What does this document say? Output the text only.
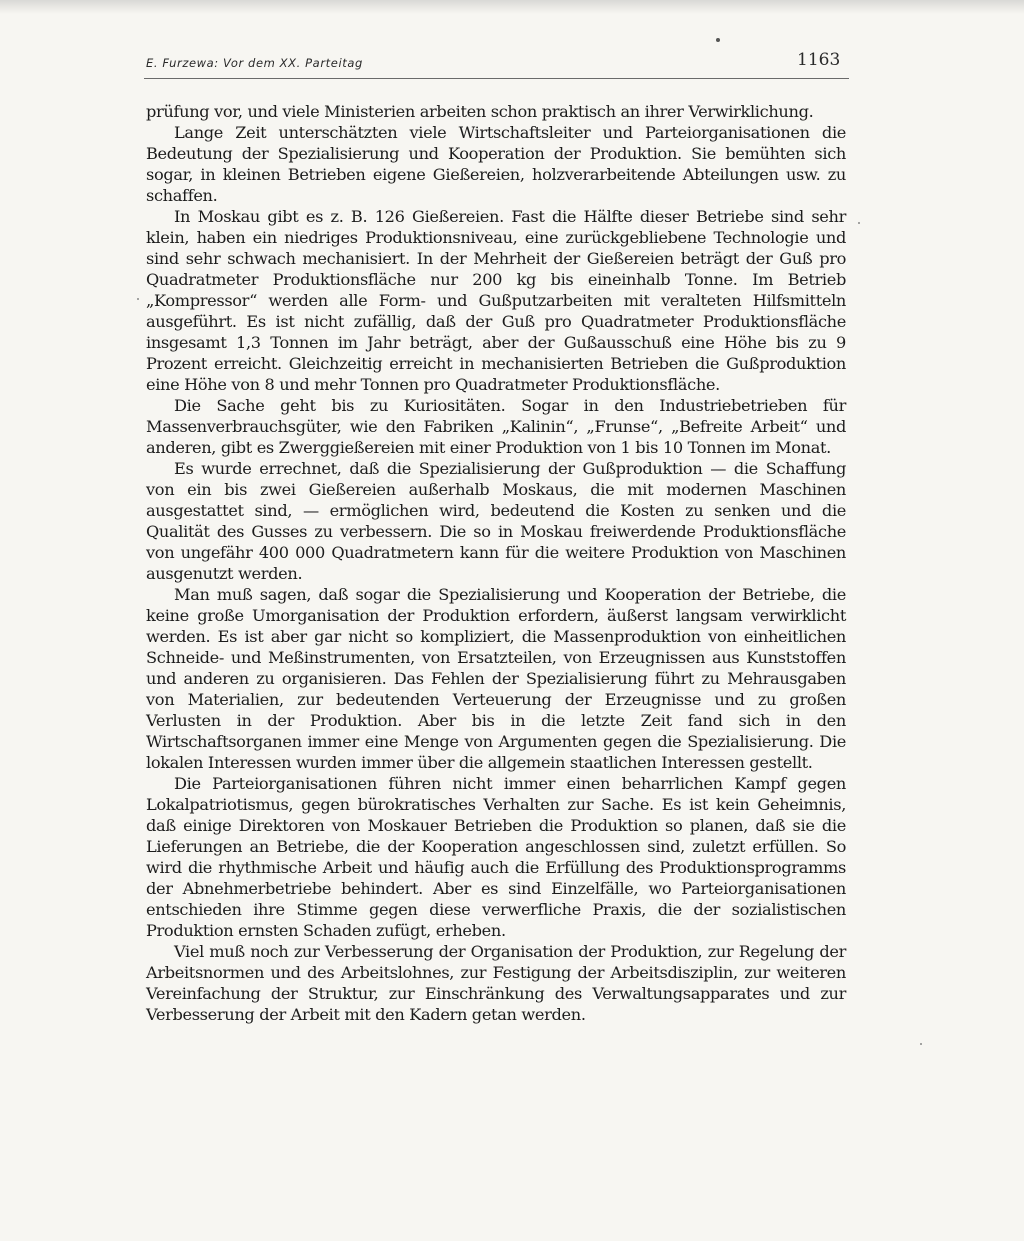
E. Furzewa: Vor dem XX. Parteitag	1163

prüfung vor, und viele Ministerien arbeiten schon praktisch an ihrer Verwirklichung.

Lange Zeit unterschätzten viele Wirtschaftsleiter und Parteiorganisationen die Bedeutung der Spezialisierung und Kooperation der Produktion. Sie bemühten sich sogar, in kleinen Betrieben eigene Gießereien, holzverarbeitende Abteilungen usw. zu schaffen.

In Moskau gibt es z. B. 126 Gießereien. Fast die Hälfte dieser Betriebe sind sehr klein, haben ein niedriges Produktionsniveau, eine zurückgebliebene Technologie und sind sehr schwach mechanisiert. In der Mehrheit der Gießereien beträgt der Guß pro Quadratmeter Produktionsfläche nur 200 kg bis eineinhalb Tonne. Im Betrieb „Kompressor“ werden alle Form- und Gußputzarbeiten mit veralteten Hilfsmitteln ausgeführt. Es ist nicht zufällig, daß der Guß pro Quadratmeter Produktionsfläche insgesamt 1,3 Tonnen im Jahr beträgt, aber der Gußausschuß eine Höhe bis zu 9 Prozent erreicht. Gleichzeitig erreicht in mechanisierten Betrieben die Gußproduktion eine Höhe von 8 und mehr Tonnen pro Quadratmeter Produktionsfläche.

Die Sache geht bis zu Kuriositäten. Sogar in den Industriebetrieben für Massenverbrauchsgüter, wie den Fabriken „Kalinin“, „Frunse“, „Befreite Arbeit“ und anderen, gibt es Zwerggießereien mit einer Produktion von 1 bis 10 Tonnen im Monat.

Es wurde errechnet, daß die Spezialisierung der Gußproduktion — die Schaffung von ein bis zwei Gießereien außerhalb Moskaus, die mit modernen Maschinen ausgestattet sind, — ermöglichen wird, bedeutend die Kosten zu senken und die Qualität des Gusses zu verbessern. Die so in Moskau freiwerdende Produktionsfläche von ungefähr 400 000 Quadratmetern kann für die weitere Produktion von Maschinen ausgenutzt werden.

Man muß sagen, daß sogar die Spezialisierung und Kooperation der Betriebe, die keine große Umorganisation der Produktion erfordern, äußerst langsam verwirklicht werden. Es ist aber gar nicht so kompliziert, die Massenproduktion von einheitlichen Schneide- und Meßinstrumenten, von Ersatzteilen, von Erzeugnissen aus Kunststoffen und anderen zu organisieren. Das Fehlen der Spezialisierung führt zu Mehrausgaben von Materialien, zur bedeutenden Verteuerung der Erzeugnisse und zu großen Verlusten in der Produktion. Aber bis in die letzte Zeit fand sich in den Wirtschaftsorganen immer eine Menge von Argumenten gegen die Spezialisierung. Die lokalen Interessen wurden immer über die allgemein staatlichen Interessen gestellt.

Die Parteiorganisationen führen nicht immer einen beharrlichen Kampf gegen Lokalpatriotismus, gegen bürokratisches Verhalten zur Sache. Es ist kein Geheimnis, daß einige Direktoren von Moskauer Betrieben die Produktion so planen, daß sie die Lieferungen an Betriebe, die der Kooperation angeschlossen sind, zuletzt erfüllen. So wird die rhythmische Arbeit und häufig auch die Erfüllung des Produktionsprogramms der Abnehmerbetriebe behindert. Aber es sind Einzelfälle, wo Parteiorganisationen entschieden ihre Stimme gegen diese verwerfliche Praxis, die der sozialistischen Produktion ernsten Schaden zufügt, erheben.

Viel muß noch zur Verbesserung der Organisation der Produktion, zur Regelung der Arbeitsnormen und des Arbeitslohnes, zur Festigung der Arbeitsdisziplin, zur weiteren Vereinfachung der Struktur, zur Einschränkung des Verwaltungsapparates und zur Verbesserung der Arbeit mit den Kadern getan werden.
